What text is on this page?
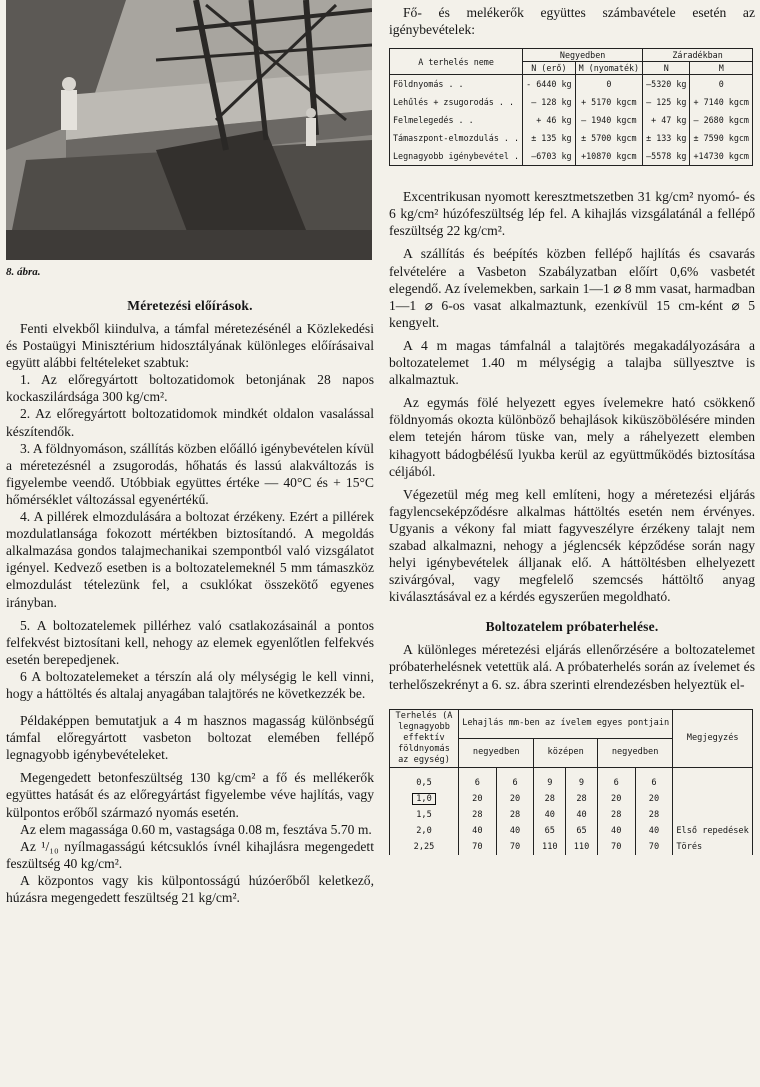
8. ábra.
Méretezési előírások.

Fenti elvekből kiindulva, a támfal méretezésénél a Közlekedési és Postaügyi Minisztérium hidosztályának különleges előírásaival együtt alábbi feltételeket szabtuk:

1. Az előregyártott boltozatidomok betonjának 28 napos kockaszilárdsága 300 kg/cm².

2. Az előregyártott boltozatidomok mindkét oldalon vasalással készítendők.

3. A földnyomáson, szállítás közben előálló igénybevételen kívül a méretezésnél a zsugorodás, hőhatás és lassú alakváltozás is figyelembe veendő. Utóbbiak együttes értéke — 40°C és + 15°C hőmérséklet változással egyenértékű.

4. A pillérek elmozdulására a boltozat érzékeny. Ezért a pillérek mozdulatlansága fokozott mértékben biztosítandó. A megoldás alkalmazása gondos talajmechanikai szempontból való vizsgálatot igényel. Kedvező esetben is a boltozatelemeknél 5 mm támaszköz elmozdulást tételezünk fel, a csuklókat összekötő egyenes irányban.

5. A boltozatelemek pillérhez való csatlakozásainál a pontos felfekvést biztosítani kell, nehogy az elemek egyenlőtlen felfekvés esetén berepedjenek.

6 A boltozatelemeket a térszín alá oly mélységig le kell vinni, hogy a háttöltés és altalaj anyagában talajtörés ne következzék be.

Példaképpen bemutatjuk a 4 m hasznos magasság különbségű támfal előregyártott vasbeton boltozat elemében fellépő legnagyobb igénybevételeket.

Megengedett betonfeszültség 130 kg/cm² a fő és mellékerők együttes hatását és az előregyártást figyelembe véve hajlítás, vagy külpontos erőből származó nyomás esetén.

Az elem magassága 0.60 m, vastagsága 0.08 m, fesztáva 5.70 m.

Az ¹/₁₀ nyílmagasságú kétcsuklós ívnél kihajlásra megengedett feszültség 40 kg/cm².

A központos vagy kis külpontosságú húzóerőből keletkező, húzásra megengedett feszültség 21 kg/cm².

Fő- és melékerők együttes számbavétele esetén az igénybevételek:

A terhelés neme	Negyedben		Záradékban	
	N (erő)	M (nyomaték)	N	M
Földnyomás . .	- 6440 kg	0	—5320 kg	0
Lehűlés + zsugorodás . .	— 128 kg	+ 5170 kgcm	— 125 kg	+ 7140 kgcm
Felmelegedés . .	+ 46 kg	— 1940 kgcm	+ 47 kg	— 2680 kgcm
Támaszpont-elmozdulás . .	± 135 kg	± 5700 kgcm	± 133 kg	± 7590 kgcm
Legnagyobb igénybevétel .	—6703 kg	+10870 kgcm	—5578 kg	+14730 kgcm

Excentrikusan nyomott keresztmetszetben 31 kg/cm² nyomó- és 6 kg/cm² húzófeszültség lép fel. A kihajlás vizsgálatánál a fellépő feszültség 22 kg/cm².

A szállítás és beépítés közben fellépő hajlítás és csavarás felvételére a Vasbeton Szabályzatban előírt 0,6% vasbetét elegendő. Az ívelemekben, sarkain 1—1 ⌀ 8 mm vasat, harmadban 1—1 ⌀ 6-os vasat alkalmaztunk, ezenkívül 15 cm-ként ⌀ 5 kengyelt.

A 4 m magas támfalnál a talajtörés megakadályozására a boltozatelemet 1.40 m mélységig a talajba süllyesztve is alkalmaztuk.

Az egymás fölé helyezett egyes ívelemekre ható csökkenő földnyomás okozta különböző behajlások kiküszöbölésére minden elem tetején három tüske van, mely a ráhelyezett elemben kihagyott bádogbélésű lyukba kerül az együttműködés biztosítása céljából.

Végezetül még meg kell említeni, hogy a méretezési eljárás fagylencseképződésre alkalmas háttöltés esetén nem érvényes. Ugyanis a vékony fal miatt fagyveszélyre érzékeny talajt nem szabad alkalmazni, nehogy a jéglencsék képződése során nagy helyi igénybevételek álljanak elő. A háttöltésben elhelyezett szivárgóval, vagy megfelelő szemcsés háttöltő anyag kiválasztásával ez a kérdés egyszerűen megoldható.

Boltozatelem próbaterhelése.

A különleges méretezési eljárás ellenőrzésére a boltozatelemet próbaterhelésnek vetettük alá. A próbaterhelés során az ívelemet és terhelőszekrényt a 6. sz. ábra szerinti elrendezésben helyeztük el-

Terhelés (A legnagyobb effektív földnyomás az egység)	Lehajlás mm-ben az ívelem egyes pontjain						Megjegyzés
	negyedben		középen		negyedben		
0,5	6	6	9	9	6	6	
1,0	20	20	28	28	20	20	
1,5	28	28	40	40	28	28	
2,0	40	40	65	65	40	40	Első repedések
2,25	70	70	110	110	70	70	Törés
